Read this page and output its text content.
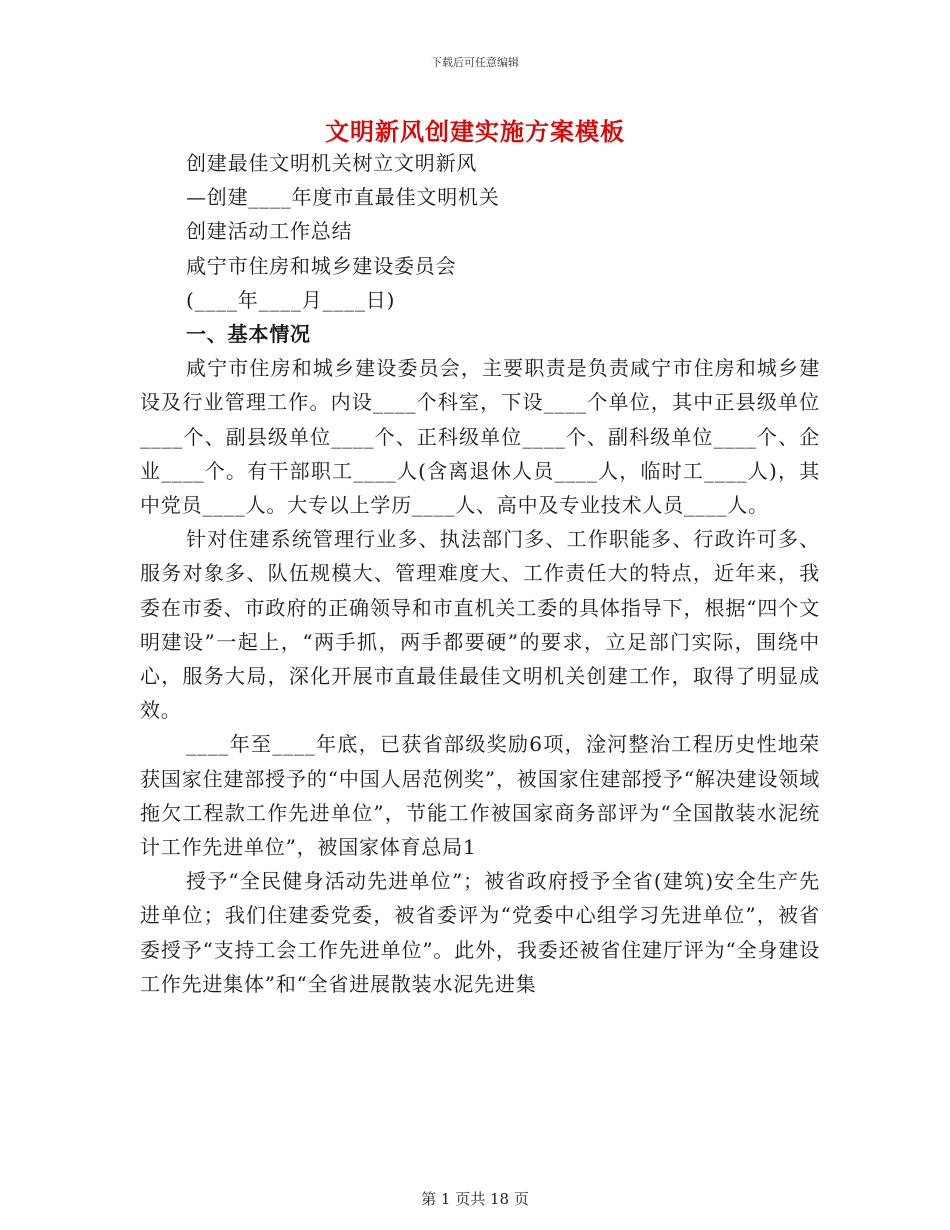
下载后可任意编辑
文明新风创建实施方案模板
创建最佳文明机关树立文明新风
—创建____年度市直最佳文明机关
创建活动工作总结
咸宁市住房和城乡建设委员会
(____年____月____日)
一、基本情况

咸宁市住房和城乡建设委员会，主要职责是负责咸宁市住房和城乡建设及行业管理工作。内设____个科室，下设____个单位，其中正县级单位____个、副县级单位____个、正科级单位____个、副科级单位____个、企业____个。有干部职工____人(含离退休人员____人，临时工____人)，其中党员____人。大专以上学历____人、高中及专业技术人员____人。

针对住建系统管理行业多、执法部门多、工作职能多、行政许可多、服务对象多、队伍规模大、管理难度大、工作责任大的特点，近年来，我委在市委、市政府的正确领导和市直机关工委的具体指导下，根据“四个文明建设”一起上，“两手抓，两手都要硬”的要求，立足部门实际，围绕中心，服务大局，深化开展市直最佳最佳文明机关创建工作，取得了明显成效。

____年至____年底，已获省部级奖励6项，淦河整治工程历史性地荣获国家住建部授予的“中国人居范例奖”，被国家住建部授予“解决建设领域拖欠工程款工作先进单位”，节能工作被国家商务部评为“全国散装水泥统计工作先进单位”，被国家体育总局1

授予“全民健身活动先进单位”；被省政府授予全省(建筑)安全生产先进单位；我们住建委党委，被省委评为“党委中心组学习先进单位”，被省委授予“支持工会工作先进单位”。此外，我委还被省住建厅评为“全身建设工作先进集体”和“全省进展散装水泥先进集

第 1 页共 18 页
